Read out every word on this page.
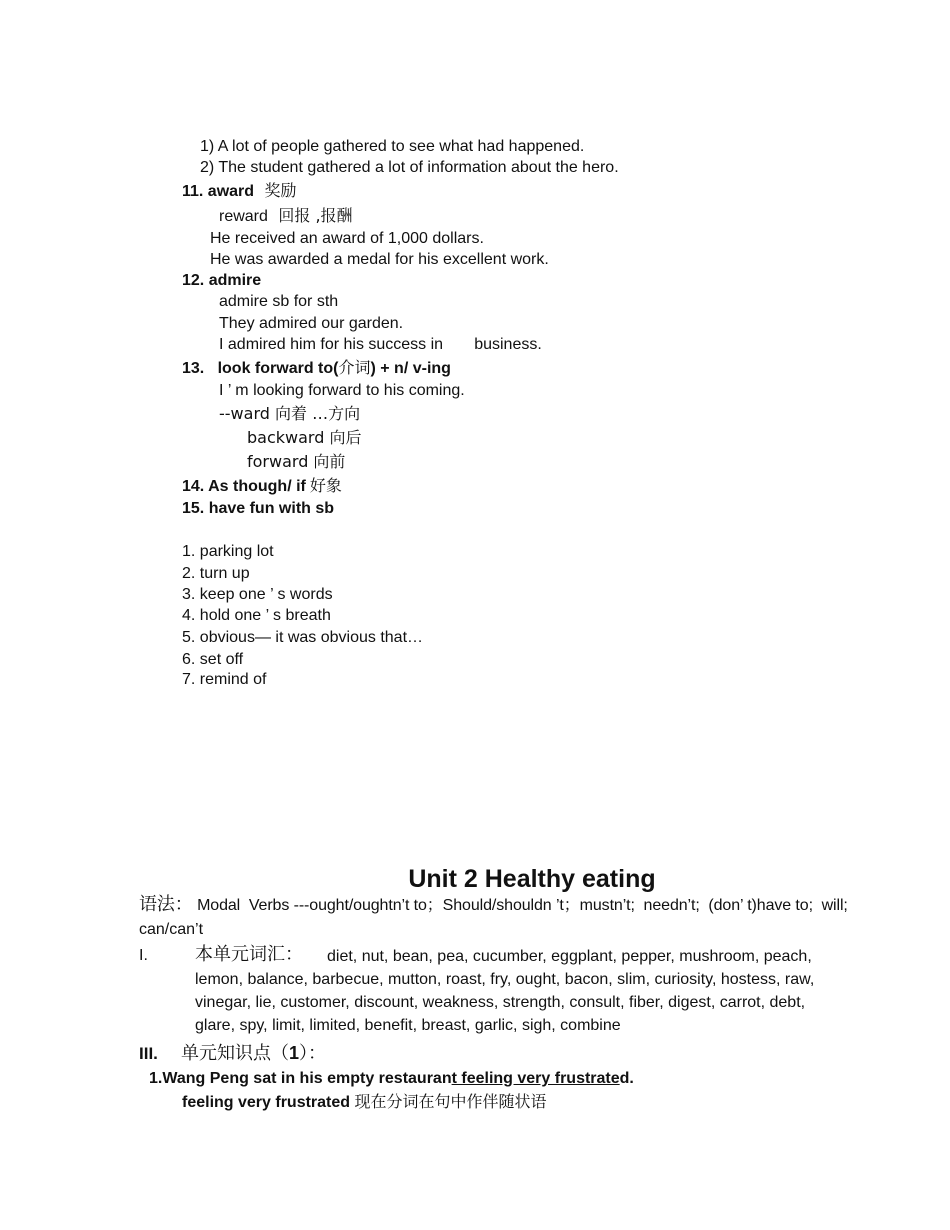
1) A lot of people gathered to see what had happened.
2) The student gathered a lot of information about the hero.
11. award 奖励
reward 回报 ,报酬
He received an award of 1,000 dollars.
He was awarded a medal for his excellent work.
12. admire
admire sb for sth
They admired our garden.
I admired him for his success in       business.
13.   look forward to(介词) + n/ v-ing
I ’ m looking forward to his coming.
--ward 向着 …方向
backward 向后
forward 向前
14. As though/ if 好象
15. have fun with sb
1. parking lot
2. turn up
3. keep one ’ s words
4. hold one ’ s breath
5. obvious— it was obvious that…
6. set off
7. remind of
Unit 2 Healthy eating
语法： Modal  Verbs ---ought/oughtn’t to；Should/shouldn ’t；mustn’t;  needn’t;  (don’ t)have to;  will;
can/can’t
I.	本单元词汇：	diet, nut, bean, pea, cucumber, eggplant, pepper, mushroom, peach, lemon, balance, barbecue, mutton, roast, fry, ought, bacon, slim, curiosity, hostess, raw, vinegar, lie, customer, discount, weakness, strength, consult, fiber, digest, carrot, debt, glare, spy, limit, limited, benefit, breast, garlic, sigh, combine
III. 单元知识点（1）：
1.Wang Peng sat in his empty restaurant feeling very frustrated.
feeling very frustrated 现在分词在句中作伴随状语
